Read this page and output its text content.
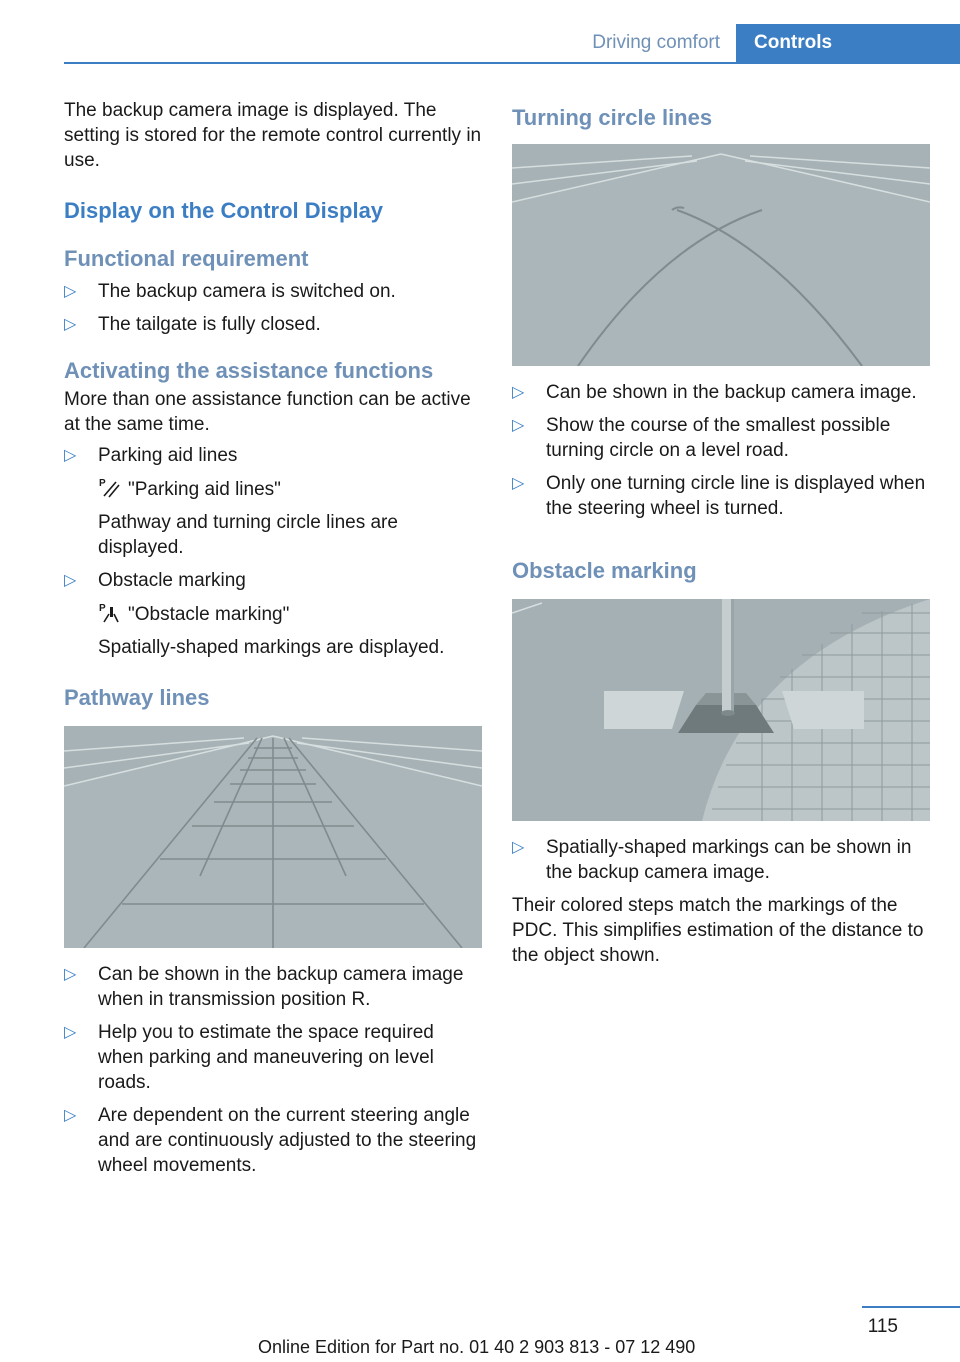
Driving comfort	Controls

The backup camera image is displayed. The setting is stored for the remote control currently in use.

Display on the Control Display
Functional requirement
▷ The backup camera is switched on.
▷ The tailgate is fully closed.
Activating the assistance functions

More than one assistance function can be active at the same time.

▷ Parking aid lines
P "Parking aid lines"
Pathway and turning circle lines are displayed.
▷ Obstacle marking
P "Obstacle marking"
Spatially-shaped markings are displayed.
Pathway lines
▷ Can be shown in the backup camera image when in transmission position R.
▷ Help you to estimate the space required when parking and maneuvering on level roads.
▷ Are dependent on the current steering angle and are continuously adjusted to the steering wheel movements.
Turning circle lines
▷ Can be shown in the backup camera image.
▷ Show the course of the smallest possible turning circle on a level road.
▷ Only one turning circle line is displayed when the steering wheel is turned.
Obstacle marking
▷ Spatially-shaped markings can be shown in the backup camera image.

Their colored steps match the markings of the PDC. This simplifies estimation of the distance to the object shown.

115
Online Edition for Part no. 01 40 2 903 813 - 07 12 490
